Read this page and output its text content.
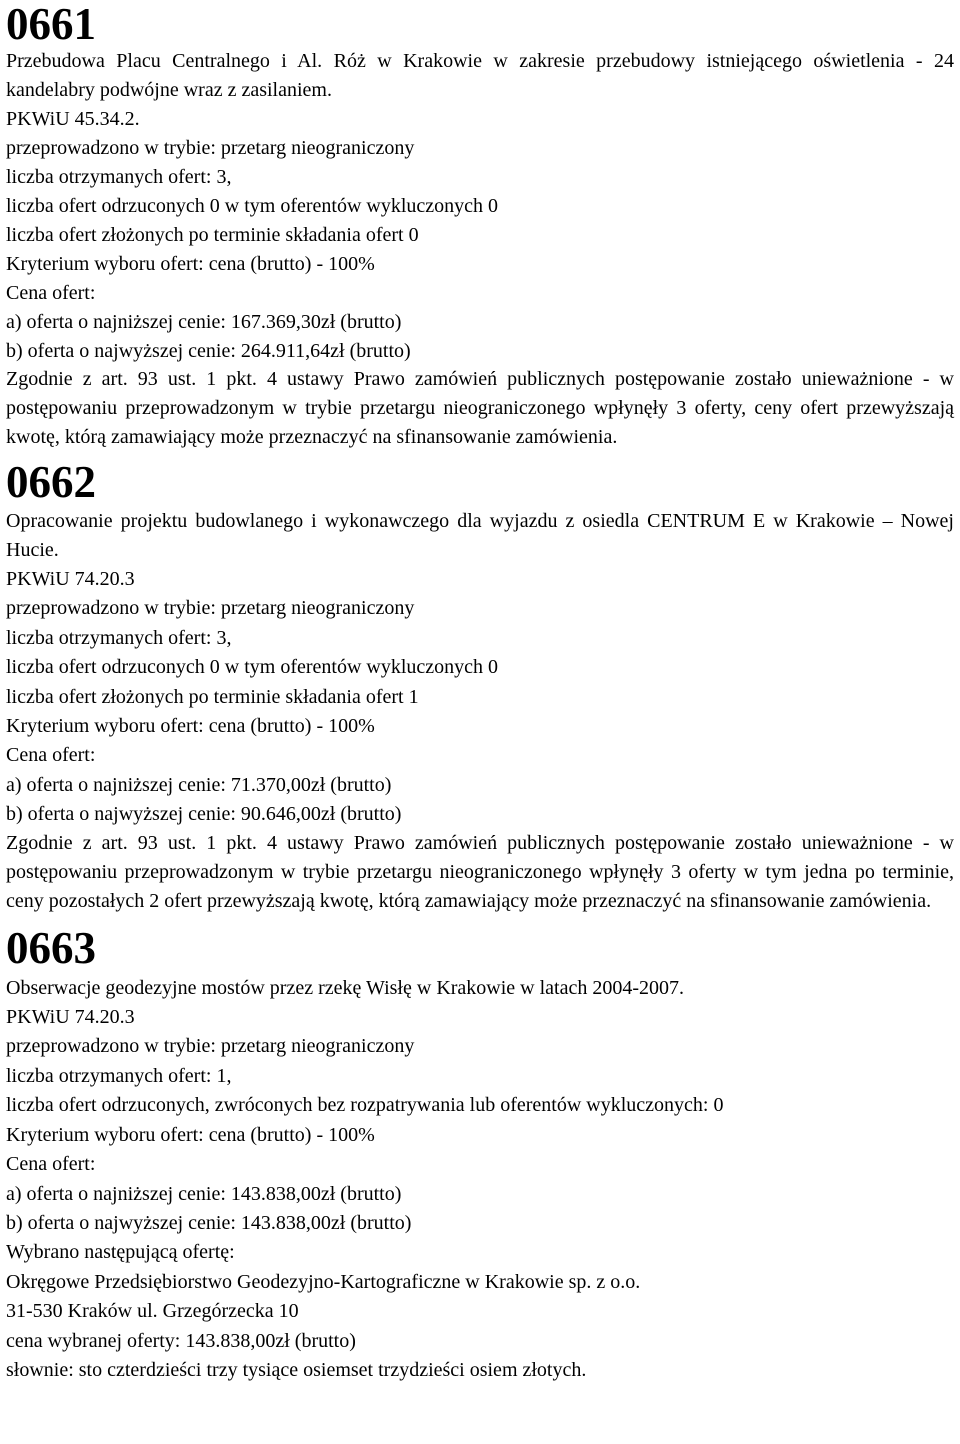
0661
Przebudowa Placu Centralnego i Al. Róż w Krakowie w zakresie przebudowy istniejącego oświetlenia - 24 kandelabry podwójne wraz z zasilaniem.
PKWiU 45.34.2.
przeprowadzono w trybie: przetarg nieograniczony
liczba otrzymanych ofert: 3,
liczba ofert odrzuconych 0 w tym oferentów wykluczonych 0
liczba ofert złożonych po terminie składania ofert 0
Kryterium wyboru ofert: cena (brutto) - 100%
Cena ofert:
a) oferta o najniższej cenie: 167.369,30zł (brutto)
b) oferta o najwyższej cenie: 264.911,64zł (brutto)
Zgodnie z art. 93 ust. 1 pkt. 4 ustawy Prawo zamówień publicznych postępowanie zostało unieważnione - w postępowaniu przeprowadzonym w trybie przetargu nieograniczonego wpłynęły 3 oferty, ceny ofert przewyższają kwotę, którą zamawiający może przeznaczyć na sfinansowanie zamówienia.
0662
Opracowanie projektu budowlanego i wykonawczego dla wyjazdu z osiedla CENTRUM E w Krakowie – Nowej Hucie.
PKWiU 74.20.3
przeprowadzono w trybie: przetarg nieograniczony
liczba otrzymanych ofert: 3,
liczba ofert odrzuconych 0 w tym oferentów wykluczonych 0
liczba ofert złożonych po terminie składania ofert 1
Kryterium wyboru ofert: cena (brutto) - 100%
Cena ofert:
a) oferta o najniższej cenie: 71.370,00zł (brutto)
b) oferta o najwyższej cenie: 90.646,00zł (brutto)
Zgodnie z art. 93 ust. 1 pkt. 4 ustawy Prawo zamówień publicznych postępowanie zostało unieważnione - w postępowaniu przeprowadzonym w trybie przetargu nieograniczonego wpłynęły 3 oferty w tym jedna po terminie, ceny pozostałych 2 ofert przewyższają kwotę, którą zamawiający może przeznaczyć na sfinansowanie zamówienia.
0663
Obserwacje geodezyjne mostów przez rzekę Wisłę w Krakowie w latach 2004-2007.
PKWiU 74.20.3
przeprowadzono w trybie: przetarg nieograniczony
liczba otrzymanych ofert: 1,
liczba ofert odrzuconych, zwróconych bez rozpatrywania lub oferentów wykluczonych: 0
Kryterium wyboru ofert: cena (brutto) - 100%
Cena ofert:
a) oferta o najniższej cenie: 143.838,00zł (brutto)
b) oferta o najwyższej cenie: 143.838,00zł (brutto)
Wybrano następującą ofertę:
Okręgowe Przedsiębiorstwo Geodezyjno-Kartograficzne w Krakowie sp. z o.o.
31-530 Kraków ul. Grzegórzecka 10
cena wybranej oferty: 143.838,00zł (brutto)
słownie: sto czterdzieści trzy tysiące osiemset trzydzieści osiem złotych.
